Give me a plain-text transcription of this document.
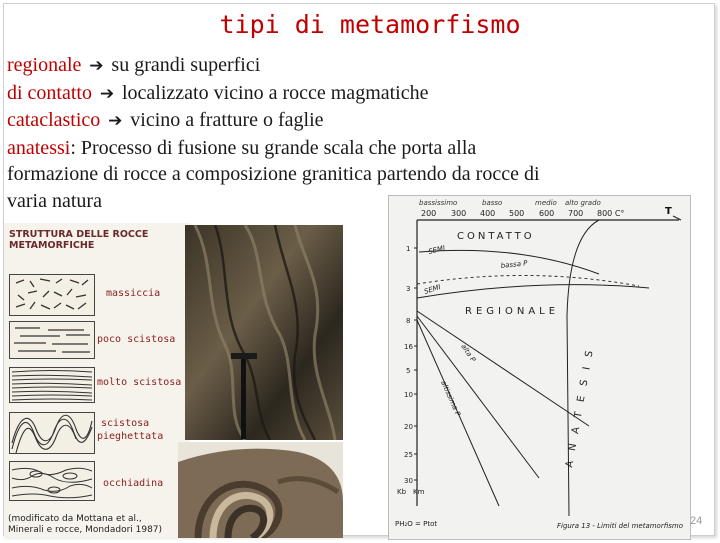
tipi di metamorfismo
regionale ➔ su grandi superfici
di contatto ➔ localizzato vicino a rocce magmatiche
cataclastico ➔ vicino a fratture o faglie
anatessi: Processo di fusione su grande scala che porta alla
formazione di rocce a composizione granitica partendo da rocce di
varia natura
STRUTTURA DELLE ROCCE
METAMORFICHE
massiccia
poco scistosa
molto scistosa
scistosa
pieghettata
occhiadina
(modificato da Mottana et al.,
Minerali e rocce, Mondadori 1987)
bassissimo	basso	medio alto grado
200 300 400 500 600 700 800 C°	T
1
3
8
16
5
10
20
25
30
CONTATTO
SEMI
bassa P
SEMI
REGIONALE
alta P
altissima P	ANATESIS
Kb Km
PH₂O = Ptot	Figura 13 - Limiti del metamorfismo 24
